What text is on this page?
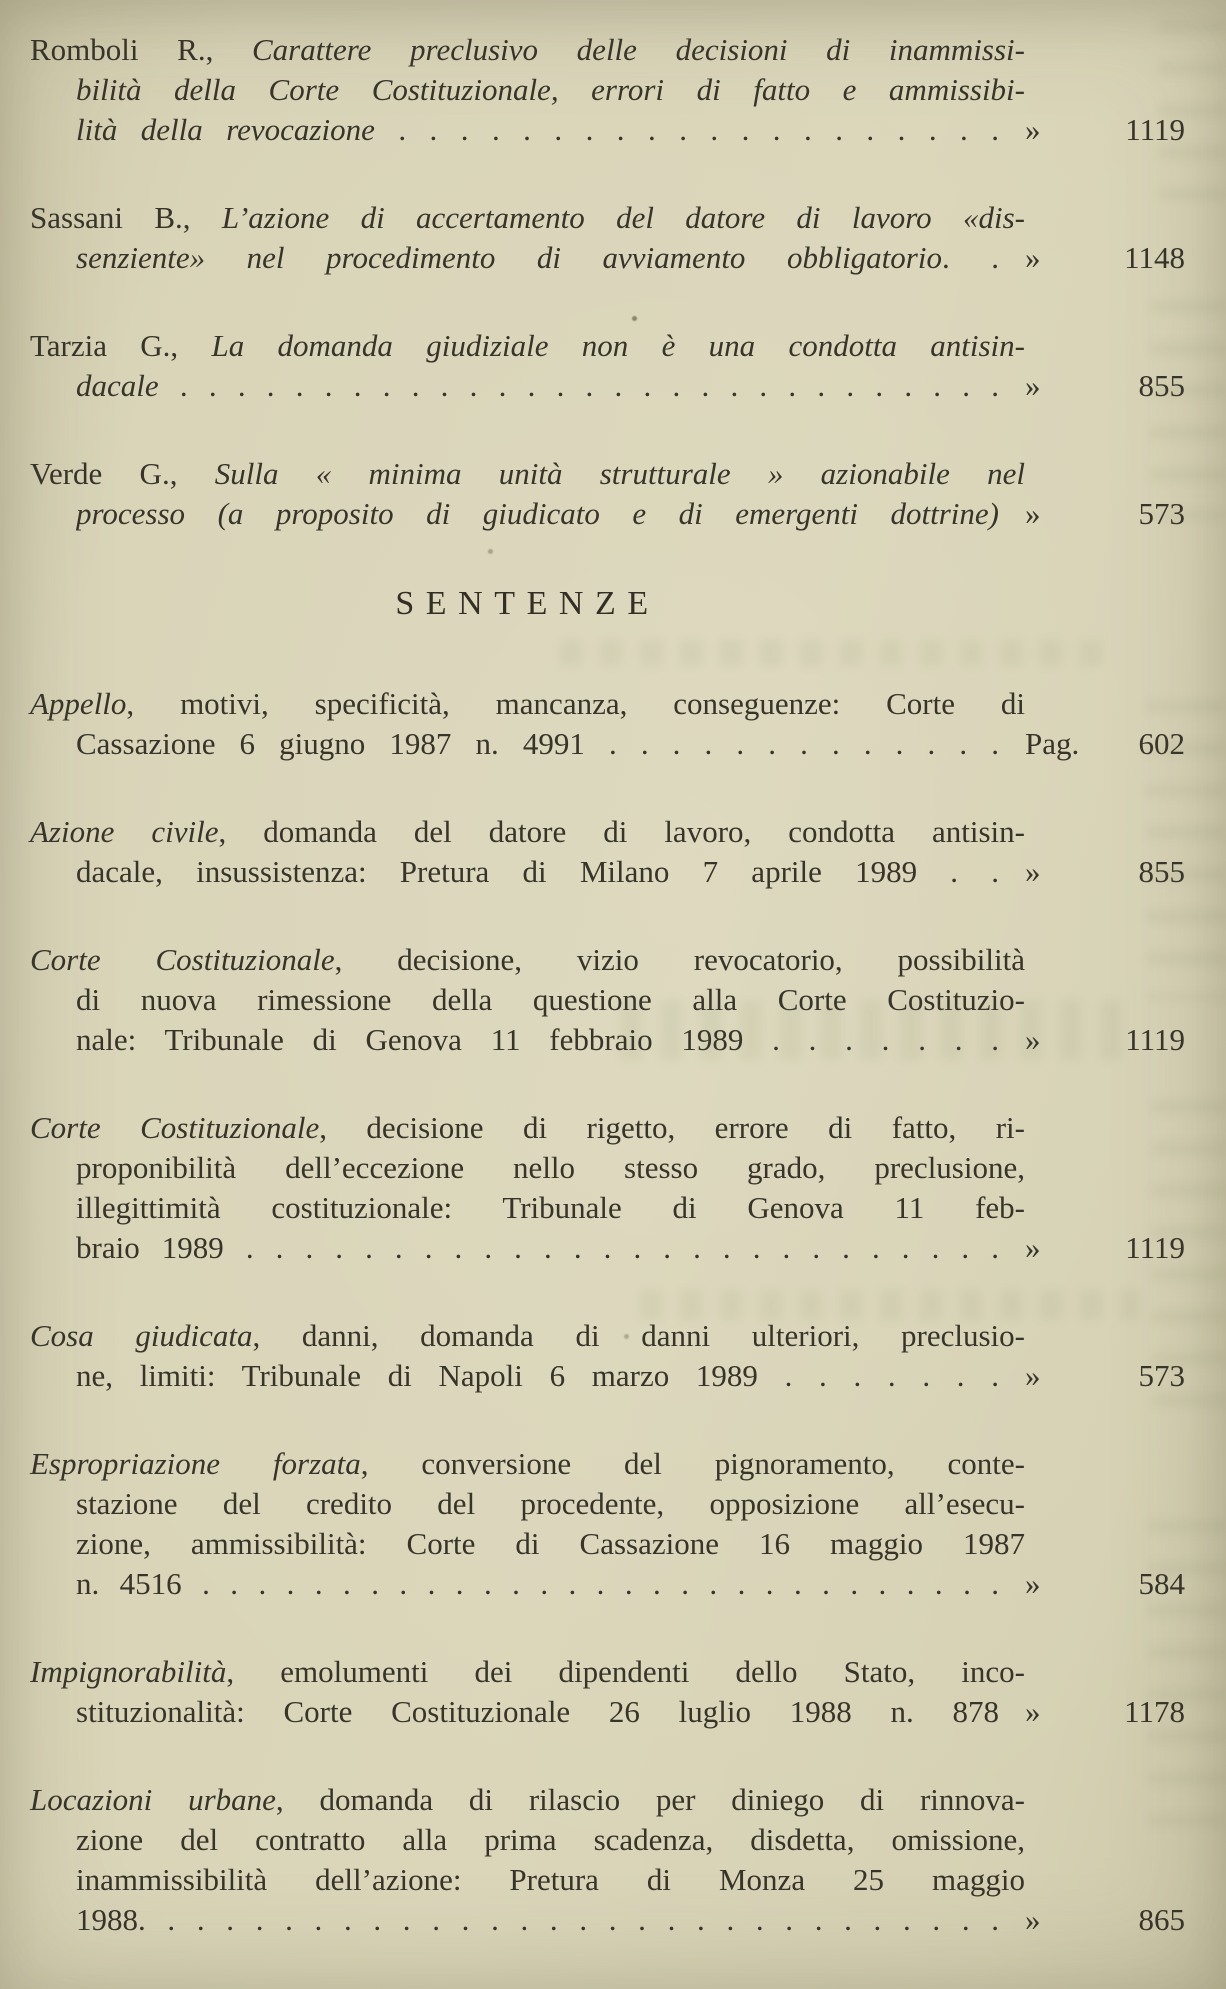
Romboli R., Carattere preclusivo delle decisioni di inammissi-
bilità della Corte Costituzionale, errori di fatto e ammissibi-
lità della revocazione . . . . . . . . . . . . . . . . . . . . »	1119
Sassani B., L’azione di accertamento del datore di lavoro «dis-
senziente» nel procedimento di avviamento obbligatorio. . »	1148
Tarzia G., La domanda giudiziale non è una condotta antisin-
dacale . . . . . . . . . . . . . . . . . . . . . . . . . . . . . »	855
Verde G., Sulla « minima unità strutturale » azionabile nel
processo (a proposito di giudicato e di emergenti dottrine) »	573
SENTENZE
Appello, motivi, specificità, mancanza, conseguenze: Corte di
Cassazione 6 giugno 1987 n. 4991 . . . . . . . . . . . . . Pag.	602
Azione civile, domanda del datore di lavoro, condotta antisin-
dacale, insussistenza: Pretura di Milano 7 aprile 1989 . . »	855
Corte Costituzionale, decisione, vizio revocatorio, possibilità
di nuova rimessione della questione alla Corte Costituzio-
nale: Tribunale di Genova 11 febbraio 1989 . . . . . . . »	1119
Corte Costituzionale, decisione di rigetto, errore di fatto, ri-
proponibilità dell’eccezione nello stesso grado, preclusione,
illegittimità costituzionale: Tribunale di Genova 11 feb-
braio 1989 . . . . . . . . . . . . . . . . . . . . . . . . . . »	1119
Cosa giudicata, danni, domanda di danni ulteriori, preclusio-
ne, limiti: Tribunale di Napoli 6 marzo 1989 . . . . . . . »	573
Espropriazione forzata, conversione del pignoramento, conte-
stazione del credito del procedente, opposizione all’esecu-
zione, ammissibilità: Corte di Cassazione 16 maggio 1987
n. 4516 . . . . . . . . . . . . . . . . . . . . . . . . . . . . . »	584
Impignorabilità, emolumenti dei dipendenti dello Stato, inco-
stituzionalità: Corte Costituzionale 26 luglio 1988 n. 878 »	1178
Locazioni urbane, domanda di rilascio per diniego di rinnova-
zione del contratto alla prima scadenza, disdetta, omissione,
inammissibilità dell’azione: Pretura di Monza 25 maggio
1988. . . . . . . . . . . . . . . . . . . . . . . . . . . . . . »	865
